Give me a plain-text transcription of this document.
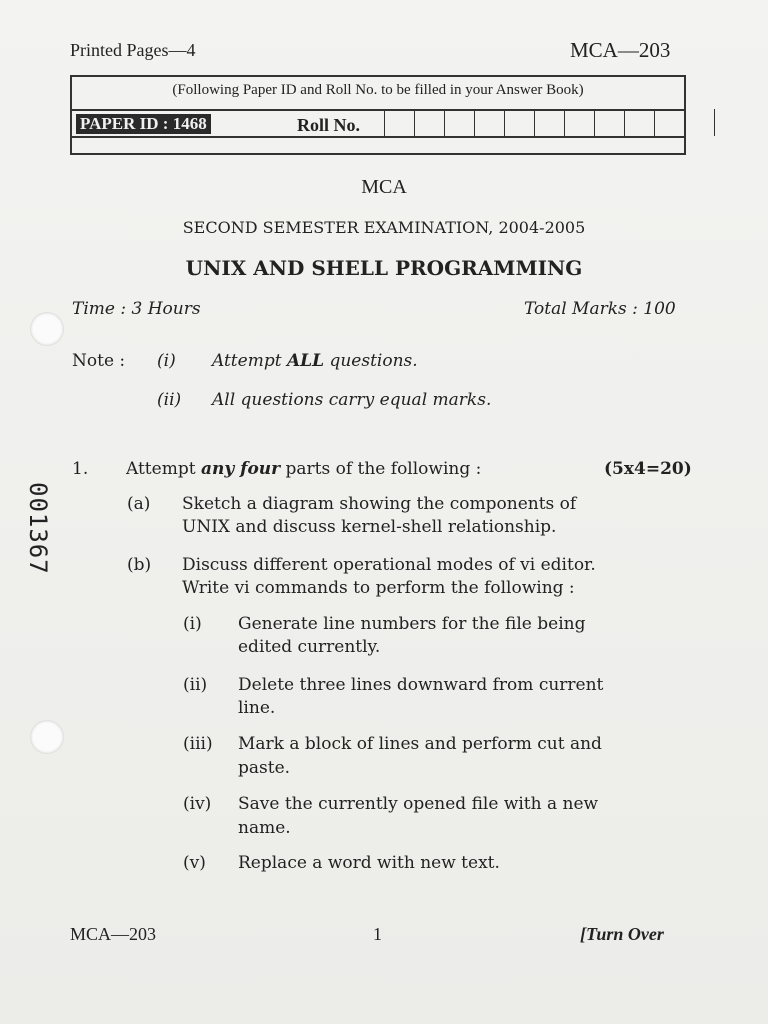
Printed Pages—4	MCA—203
(Following Paper ID and Roll No. to be filled in your Answer Book)
PAPER ID : 1468	Roll No.
001367
MCA
SECOND SEMESTER EXAMINATION, 2004-2005
UNIX AND SHELL PROGRAMMING
Time : 3 Hours	Total Marks : 100
Note : (i) Attempt ALL questions.
(ii) All questions carry equal marks.
1. Attempt any four parts of the following :	(5x4=20)
(a) Sketch a diagram showing the components of
UNIX and discuss kernel-shell relationship.
(b) Discuss different operational modes of vi editor.
Write vi commands to perform the following :
(i) Generate line numbers for the file being
edited currently.
(ii) Delete three lines downward from current
line.
(iii) Mark a block of lines and perform cut and
paste.
(iv) Save the currently opened file with a new
name.
(v) Replace a word with new text.
MCA—203	1	[Turn Over
